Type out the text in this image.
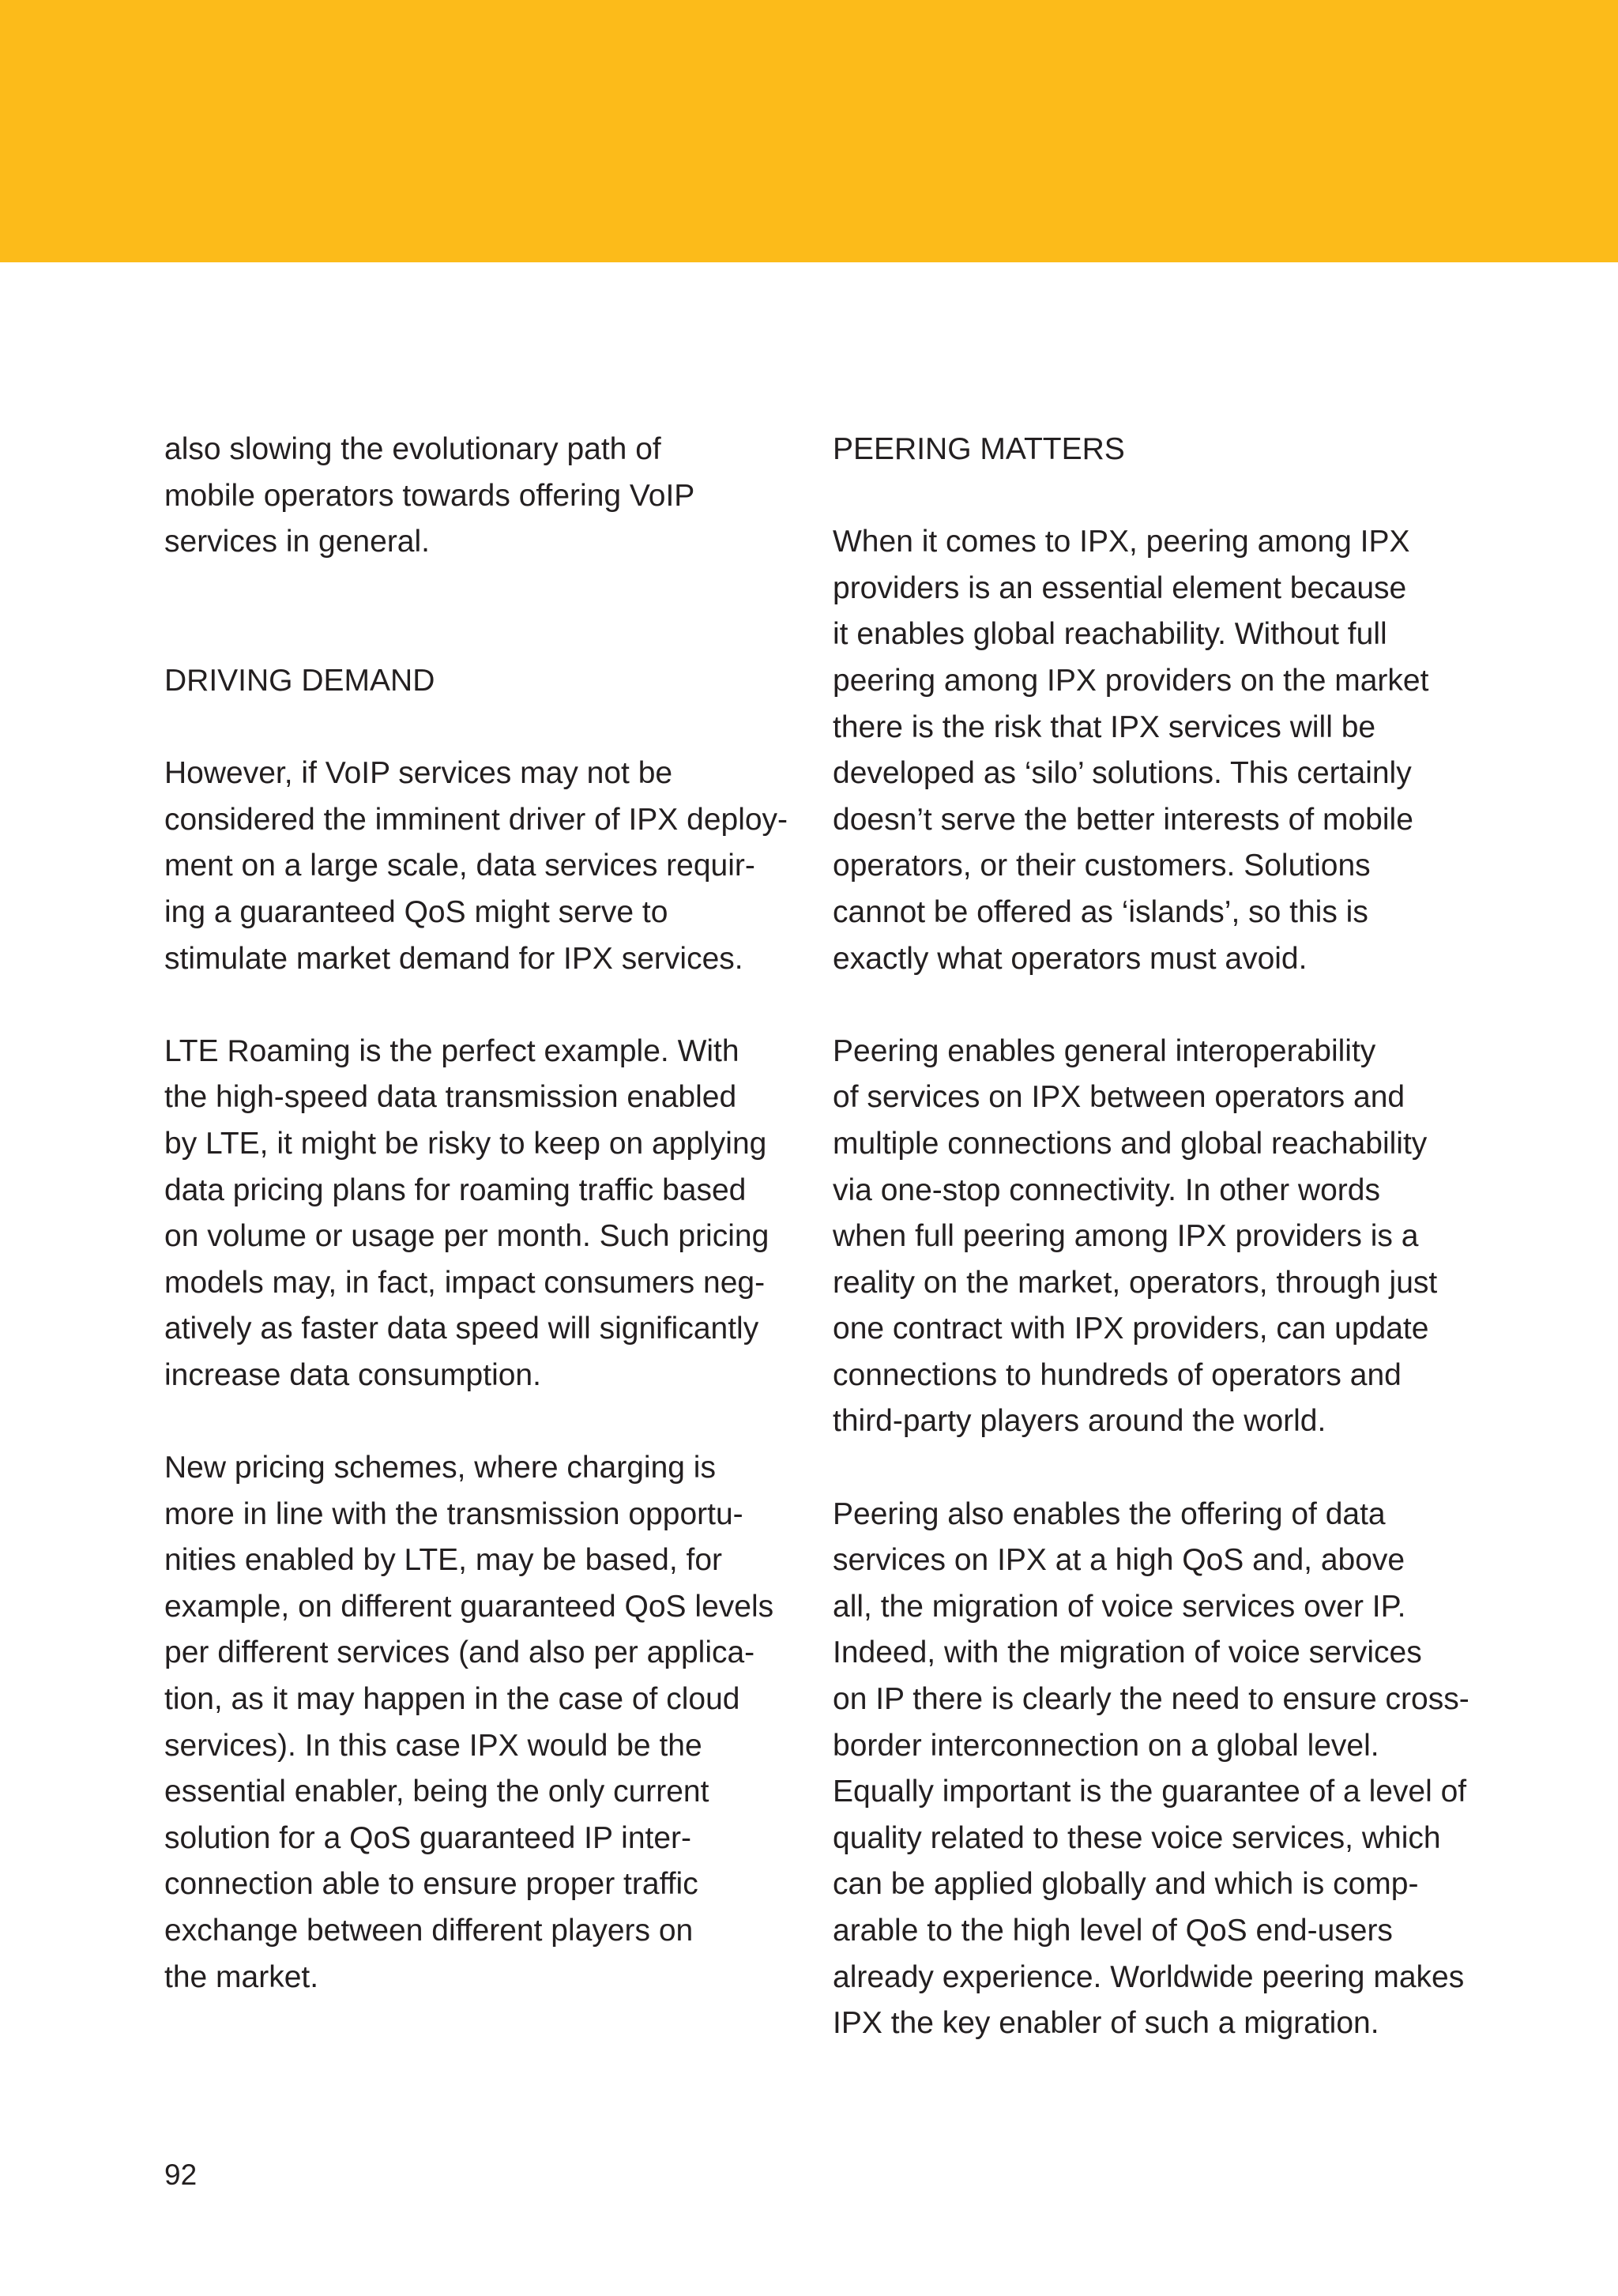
also slowing the evolutionary path of
mobile operators towards offering VoIP
services in general.
DRIVING DEMAND
However, if VoIP services may not be
considered the imminent driver of IPX deploy-
ment on a large scale, data services requir-
ing a guaranteed QoS might serve to
stimulate market demand for IPX services.
LTE Roaming is the perfect example. With
the high-speed data transmission enabled
by LTE, it might be risky to keep on applying
data pricing plans for roaming traffic based
on volume or usage per month. Such pricing
models may, in fact, impact consumers neg-
atively as faster data speed will significantly
increase data consumption.
New pricing schemes, where charging is
more in line with the transmission opportu-
nities enabled by LTE, may be based, for
example, on different guaranteed QoS levels
per different services (and also per applica-
tion, as it may happen in the case of cloud
services). In this case IPX would be the
essential enabler, being the only current
solution for a QoS guaranteed IP inter-
connection able to ensure proper traffic
exchange between different players on
the market.
PEERING MATTERS
When it comes to IPX, peering among IPX
providers is an essential element because
it enables global reachability. Without full
peering among IPX providers on the market
there is the risk that IPX services will be
developed as ‘silo’ solutions. This certainly
doesn’t serve the better interests of mobile
operators, or their customers. Solutions
cannot be offered as ‘islands’, so this is
exactly what operators must avoid.
Peering enables general interoperability
of services on IPX between operators and
multiple connections and global reachability
via one-stop connectivity. In other words
when full peering among IPX providers is a
reality on the market, operators, through just
one contract with IPX providers, can update
connections to hundreds of operators and
third-party players around the world.
Peering also enables the offering of data
services on IPX at a high QoS and, above
all, the migration of voice services over IP.
Indeed, with the migration of voice services
on IP there is clearly the need to ensure cross-
border interconnection on a global level.
Equally important is the guarantee of a level of
quality related to these voice services, which
can be applied globally and which is comp-
arable to the high level of QoS end-users
already experience. Worldwide peering makes
IPX the key enabler of such a migration.
92
